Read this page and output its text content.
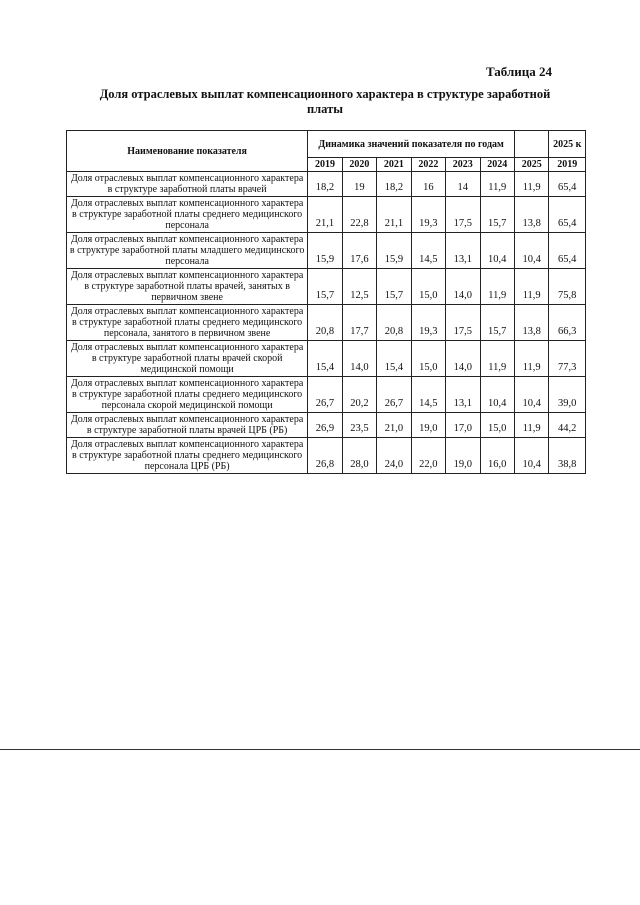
Таблица 24
Доля отраслевых выплат компенсационного характера в структуре заработной платы
Наименование показателя	Динамика значений показателя по годам							2025 к
	2019	2020	2021	2022	2023	2024	2025	2019
Доля отраслевых выплат компенсационного характера в структуре заработной платы врачей	18,2	19	18,2	16	14	11,9	11,9	65,4
Доля отраслевых выплат компенсационного характера в структуре заработной платы среднего медицинского персонала	21,1	22,8	21,1	19,3	17,5	15,7	13,8	65,4
Доля отраслевых выплат компенсационного характера в структуре заработной платы младшего медицинского персонала	15,9	17,6	15,9	14,5	13,1	10,4	10,4	65,4
Доля отраслевых выплат компенсационного характера в структуре заработной платы врачей, занятых в первичном звене	15,7	12,5	15,7	15,0	14,0	11,9	11,9	75,8
Доля отраслевых выплат компенсационного характера в структуре заработной платы среднего медицинского персонала, занятого в первичном звене	20,8	17,7	20,8	19,3	17,5	15,7	13,8	66,3
Доля отраслевых выплат компенсационного характера в структуре заработной платы врачей скорой медицинской помощи	15,4	14,0	15,4	15,0	14,0	11,9	11,9	77,3
Доля отраслевых выплат компенсационного характера в структуре заработной платы среднего медицинского персонала скорой медицинской помощи	26,7	20,2	26,7	14,5	13,1	10,4	10,4	39,0
Доля отраслевых выплат компенсационного характера в структуре заработной платы врачей ЦРБ (РБ)	26,9	23,5	21,0	19,0	17,0	15,0	11,9	44,2
Доля отраслевых выплат компенсационного характера в структуре заработной платы среднего медицинского персонала ЦРБ (РБ)	26,8	28,0	24,0	22,0	19,0	16,0	10,4	38,8
